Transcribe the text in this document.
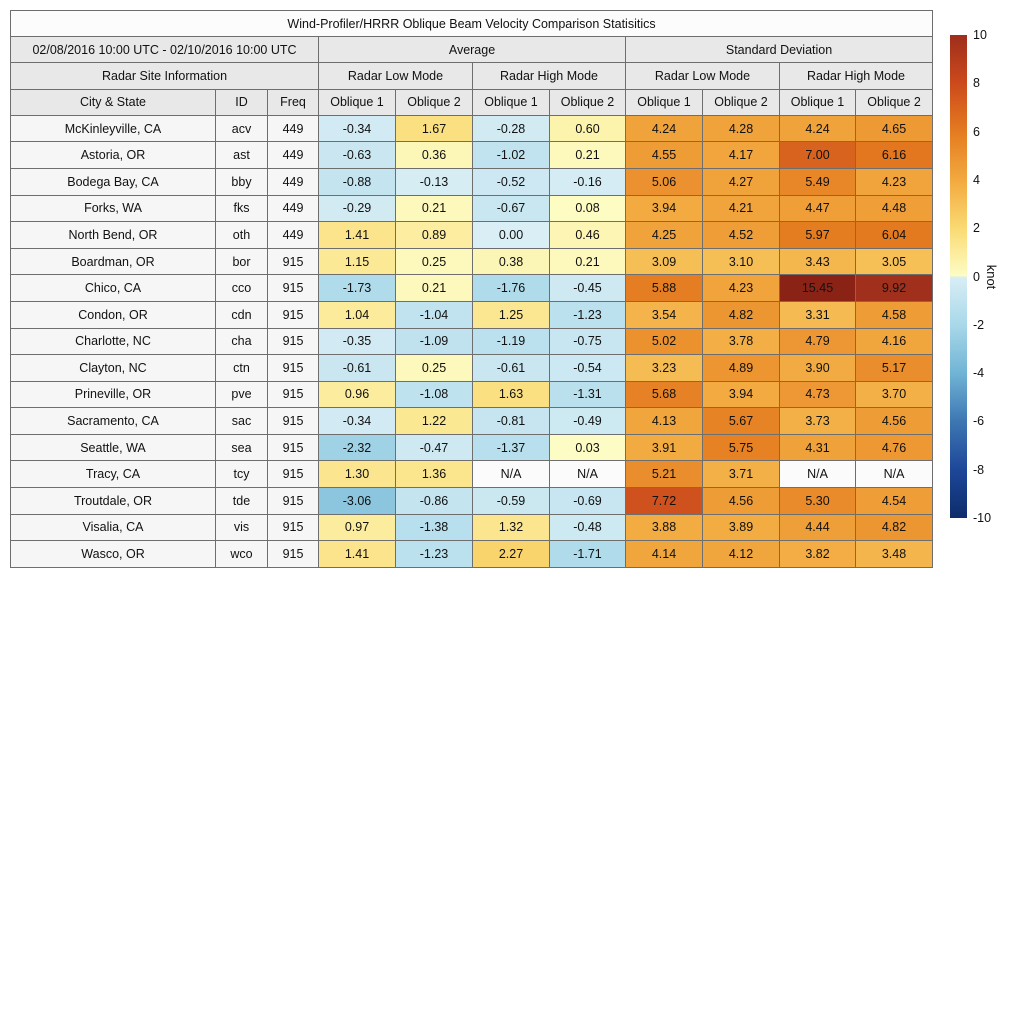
Wind-Profiler/HRRR Oblique Beam Velocity Comparison Statisitics										
02/08/2016 10:00 UTC - 02/10/2016 10:00 UTC			Average				Standard Deviation			
Radar Site Information			Radar Low Mode		Radar High Mode		Radar Low Mode		Radar High Mode	
City & State	ID	Freq	Oblique 1	Oblique 2	Oblique 1	Oblique 2	Oblique 1	Oblique 2	Oblique 1	Oblique 2
McKinleyville, CA	acv	449	-0.34	1.67	-0.28	0.60	4.24	4.28	4.24	4.65
Astoria, OR	ast	449	-0.63	0.36	-1.02	0.21	4.55	4.17	7.00	6.16
Bodega Bay, CA	bby	449	-0.88	-0.13	-0.52	-0.16	5.06	4.27	5.49	4.23
Forks, WA	fks	449	-0.29	0.21	-0.67	0.08	3.94	4.21	4.47	4.48
North Bend, OR	oth	449	1.41	0.89	0.00	0.46	4.25	4.52	5.97	6.04
Boardman, OR	bor	915	1.15	0.25	0.38	0.21	3.09	3.10	3.43	3.05
Chico, CA	cco	915	-1.73	0.21	-1.76	-0.45	5.88	4.23	15.45	9.92
Condon, OR	cdn	915	1.04	-1.04	1.25	-1.23	3.54	4.82	3.31	4.58
Charlotte, NC	cha	915	-0.35	-1.09	-1.19	-0.75	5.02	3.78	4.79	4.16
Clayton, NC	ctn	915	-0.61	0.25	-0.61	-0.54	3.23	4.89	3.90	5.17
Prineville, OR	pve	915	0.96	-1.08	1.63	-1.31	5.68	3.94	4.73	3.70
Sacramento, CA	sac	915	-0.34	1.22	-0.81	-0.49	4.13	5.67	3.73	4.56
Seattle, WA	sea	915	-2.32	-0.47	-1.37	0.03	3.91	5.75	4.31	4.76
Tracy, CA	tcy	915	1.30	1.36	N/A	N/A	5.21	3.71	N/A	N/A
Troutdale, OR	tde	915	-3.06	-0.86	-0.59	-0.69	7.72	4.56	5.30	4.54
Visalia, CA	vis	915	0.97	-1.38	1.32	-0.48	3.88	3.89	4.44	4.82
Wasco, OR	wco	915	1.41	-1.23	2.27	-1.71	4.14	4.12	3.82	3.48
10
8
6
4
2
0
-2
-4
-6
-8
-10
knot
